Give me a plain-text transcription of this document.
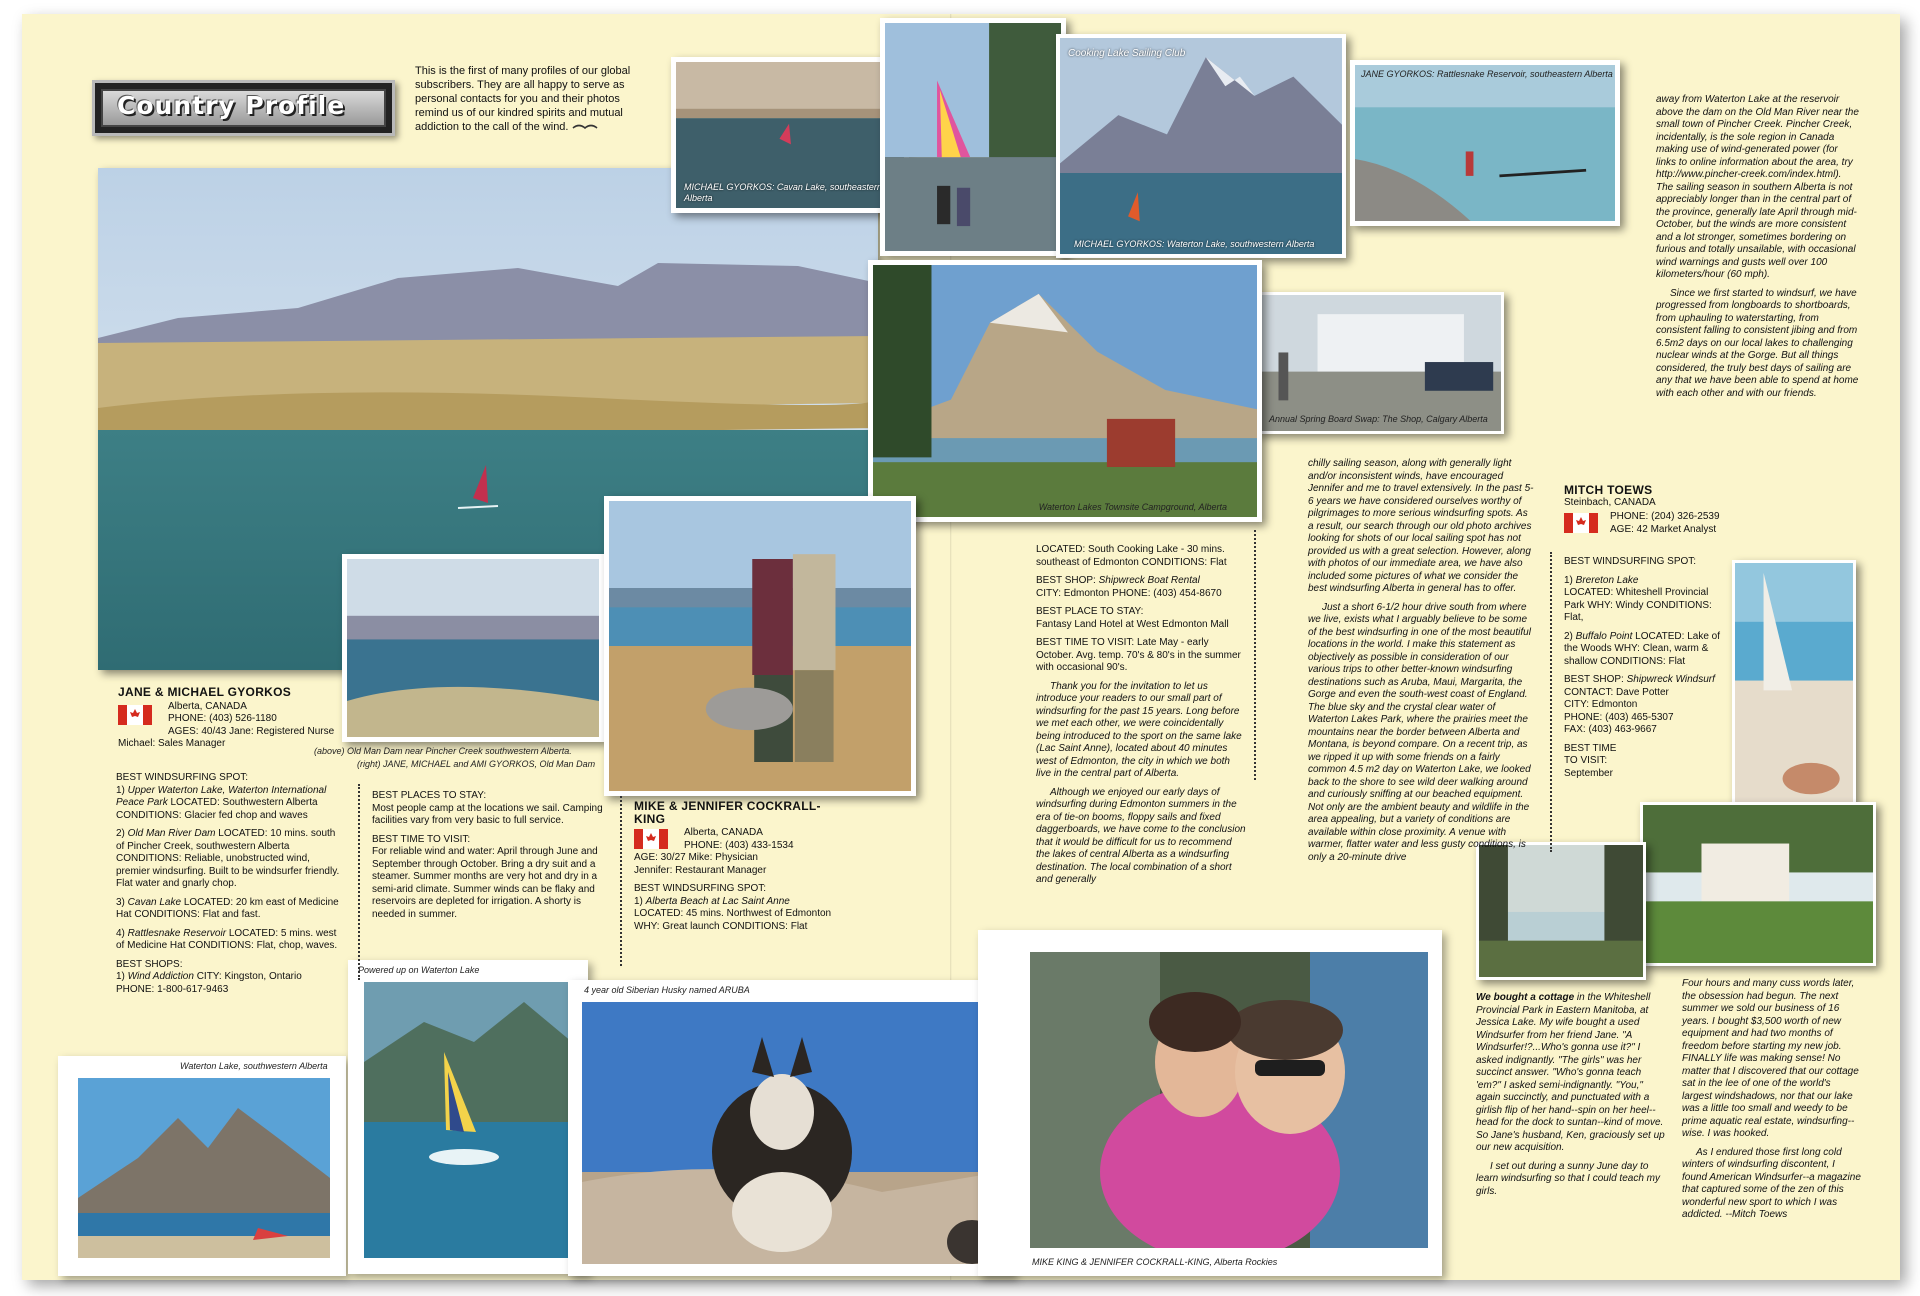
Country Profile
This is the first of many profiles of our global subscribers. They are all happy to serve as personal contacts for you and their photos remind us of our kindred spirits and mutual addiction to the call of the wind.
MICHAEL GYORKOS: Cavan Lake, southeastern Alberta
Cooking Lake Sailing Club
MICHAEL GYORKOS: Waterton Lake, southwestern Alberta
JANE GYORKOS: Rattlesnake Reservoir, southeastern Alberta
Annual Spring Board Swap: The Shop, Calgary Alberta
Waterton Lakes Townsite Campground, Alberta
Waterton Lake, southwestern Alberta
Powered up on Waterton Lake
4 year old Siberian Husky named ARUBA
MIKE KING & JENNIFER COCKRALL-KING, Alberta Rockies
JANE & MICHAEL GYORKOS
Alberta, CANADA
PHONE: (403) 526-1180
AGES: 40/43 Jane: Registered Nurse
Michael: Sales Manager
(above) Old Man Dam near Pincher Creek southwestern Alberta.
(right) JANE, MICHAEL and AMI GYORKOS, Old Man Dam

BEST WINDSURFING SPOT:
1) Upper Waterton Lake, Waterton International Peace Park LOCATED: Southwestern Alberta CONDITIONS: Glacier fed chop and waves

2) Old Man River Dam LOCATED: 10 mins. south of Pincher Creek, southwestern Alberta CONDITIONS: Reliable, unobstructed wind, premier windsurfing. Built to be windsurfer friendly. Flat water and gnarly chop.

3) Cavan Lake LOCATED: 20 km east of Medicine Hat CONDITIONS: Flat and fast.

4) Rattlesnake Reservoir LOCATED: 5 mins. west of Medicine Hat CONDITIONS: Flat, chop, waves.

BEST SHOPS:
1) Wind Addiction CITY: Kingston, Ontario
PHONE: 1-800-617-9463

BEST PLACES TO STAY:
Most people camp at the locations we sail. Camping facilities vary from very basic to full service.

BEST TIME TO VISIT:
For reliable wind and water: April through June and September through October. Bring a dry suit and a steamer. Summer months are very hot and dry in a semi-arid climate. Summer winds can be flaky and reservoirs are depleted for irrigation. A shorty is needed in summer.

MIKE & JENNIFER COCKRALL-KING
Alberta, CANADA
PHONE: (403) 433-1534
AGE: 30/27 Mike: Physician
Jennifer: Restaurant Manager
BEST WINDSURFING SPOT:
1) Alberta Beach at Lac Saint Anne
LOCATED: 45 mins. Northwest of Edmonton
WHY: Great launch CONDITIONS: Flat

LOCATED: South Cooking Lake - 30 mins. southeast of Edmonton CONDITIONS: Flat

BEST SHOP: Shipwreck Boat Rental
CITY: Edmonton PHONE: (403) 454-8670

BEST PLACE TO STAY:
Fantasy Land Hotel at West Edmonton Mall

BEST TIME TO VISIT: Late May - early October. Avg. temp. 70's & 80's in the summer with occasional 90's.

Thank you for the invitation to let us introduce your readers to our small part of windsurfing for the past 15 years. Long before we met each other, we were coincidentally being introduced to the sport on the same lake (Lac Saint Anne), located about 40 minutes west of Edmonton, the city in which we both live in the central part of Alberta.

Although we enjoyed our early days of windsurfing during Edmonton summers in the era of tie-on booms, floppy sails and fixed daggerboards, we have come to the conclusion that it would be difficult for us to recommend the lakes of central Alberta as a windsurfing destination. The local combination of a short and generally

chilly sailing season, along with generally light and/or inconsistent winds, have encouraged Jennifer and me to travel extensively. In the past 5-6 years we have considered ourselves worthy of pilgrimages to more serious windsurfing spots. As a result, our search through our old photo archives looking for shots of our local sailing spot has not provided us with a great selection. However, along with photos of our immediate area, we have also included some pictures of what we consider the best windsurfing Alberta in general has to offer.

Just a short 6-1/2 hour drive south from where we live, exists what I arguably believe to be some of the best windsurfing in one of the most beautiful locations in the world. I make this statement as objectively as possible in consideration of our various trips to other better-known windsurfing destinations such as Aruba, Maui, Margarita, the Gorge and even the south-west coast of England. The blue sky and the crystal clear water of Waterton Lakes Park, where the prairies meet the mountains near the border between Alberta and Montana, is beyond compare. On a recent trip, as we ripped it up with some friends on a fairly common 4.5 m2 day on Waterton Lake, we looked back to the shore to see wild deer walking around and curiously sniffing at our beached equipment. Not only are the ambient beauty and wildlife in the area appealing, but a variety of conditions are available within close proximity. A venue with warmer, flatter water and less gusty conditions, is only a 20-minute drive

away from Waterton Lake at the reservoir above the dam on the Old Man River near the small town of Pincher Creek. Pincher Creek, incidentally, is the sole region in Canada making use of wind-generated power (for links to online information about the area, try http://www.pincher-creek.com/index.html). The sailing season in southern Alberta is not appreciably longer than in the central part of the province, generally late April through mid-October, but the winds are more consistent and a lot stronger, sometimes bordering on furious and totally unsailable, with occasional wind warnings and gusts well over 100 kilometers/hour (60 mph).

Since we first started to windsurf, we have progressed from longboards to shortboards, from uphauling to waterstarting, from consistent falling to consistent jibing and from 6.5m2 days on our local lakes to challenging nuclear winds at the Gorge. But all things considered, the truly best days of sailing are any that we have been able to spend at home with each other and with our friends.

MITCH TOEWS
Steinbach, CANADA
PHONE: (204) 326-2539
AGE: 42 Market Analyst

BEST WINDSURFING SPOT:

1) Brereton Lake
LOCATED: Whiteshell Provincial Park WHY: Windy CONDITIONS: Flat,

2) Buffalo Point LOCATED: Lake of the Woods WHY: Clean, warm & shallow CONDITIONS: Flat

BEST SHOP: Shipwreck Windsurf
CONTACT: Dave Potter
CITY: Edmonton
PHONE: (403) 465-5307
FAX: (403) 463-9667

BEST TIME TO VISIT:
September

We bought a cottage in the Whiteshell Provincial Park in Eastern Manitoba, at Jessica Lake. My wife bought a used Windsurfer from her friend Jane. "A Windsurfer!?...Who's gonna use it?" I asked indignantly. "The girls" was her succinct answer. "Who's gonna teach 'em?" I asked semi-indignantly. "You," again succinctly, and punctuated with a girlish flip of her hand--spin on her heel--head for the dock to suntan--kind of move. So Jane's husband, Ken, graciously set up our new acquisition.

I set out during a sunny June day to learn windsurfing so that I could teach my girls.

Four hours and many cuss words later, the obsession had begun. The next summer we sold our business of 16 years. I bought $3,500 worth of new equipment and had two months of freedom before starting my new job. FINALLY life was making sense! No matter that I discovered that our cottage sat in the lee of one of the world's largest windshadows, nor that our lake was a little too small and weedy to be prime aquatic real estate, windsurfing--wise. I was hooked.

As I endured those first long cold winters of windsurfing discontent, I found American Windsurfer--a magazine that captured some of the zen of this wonderful new sport to which I was addicted. --Mitch Toews
